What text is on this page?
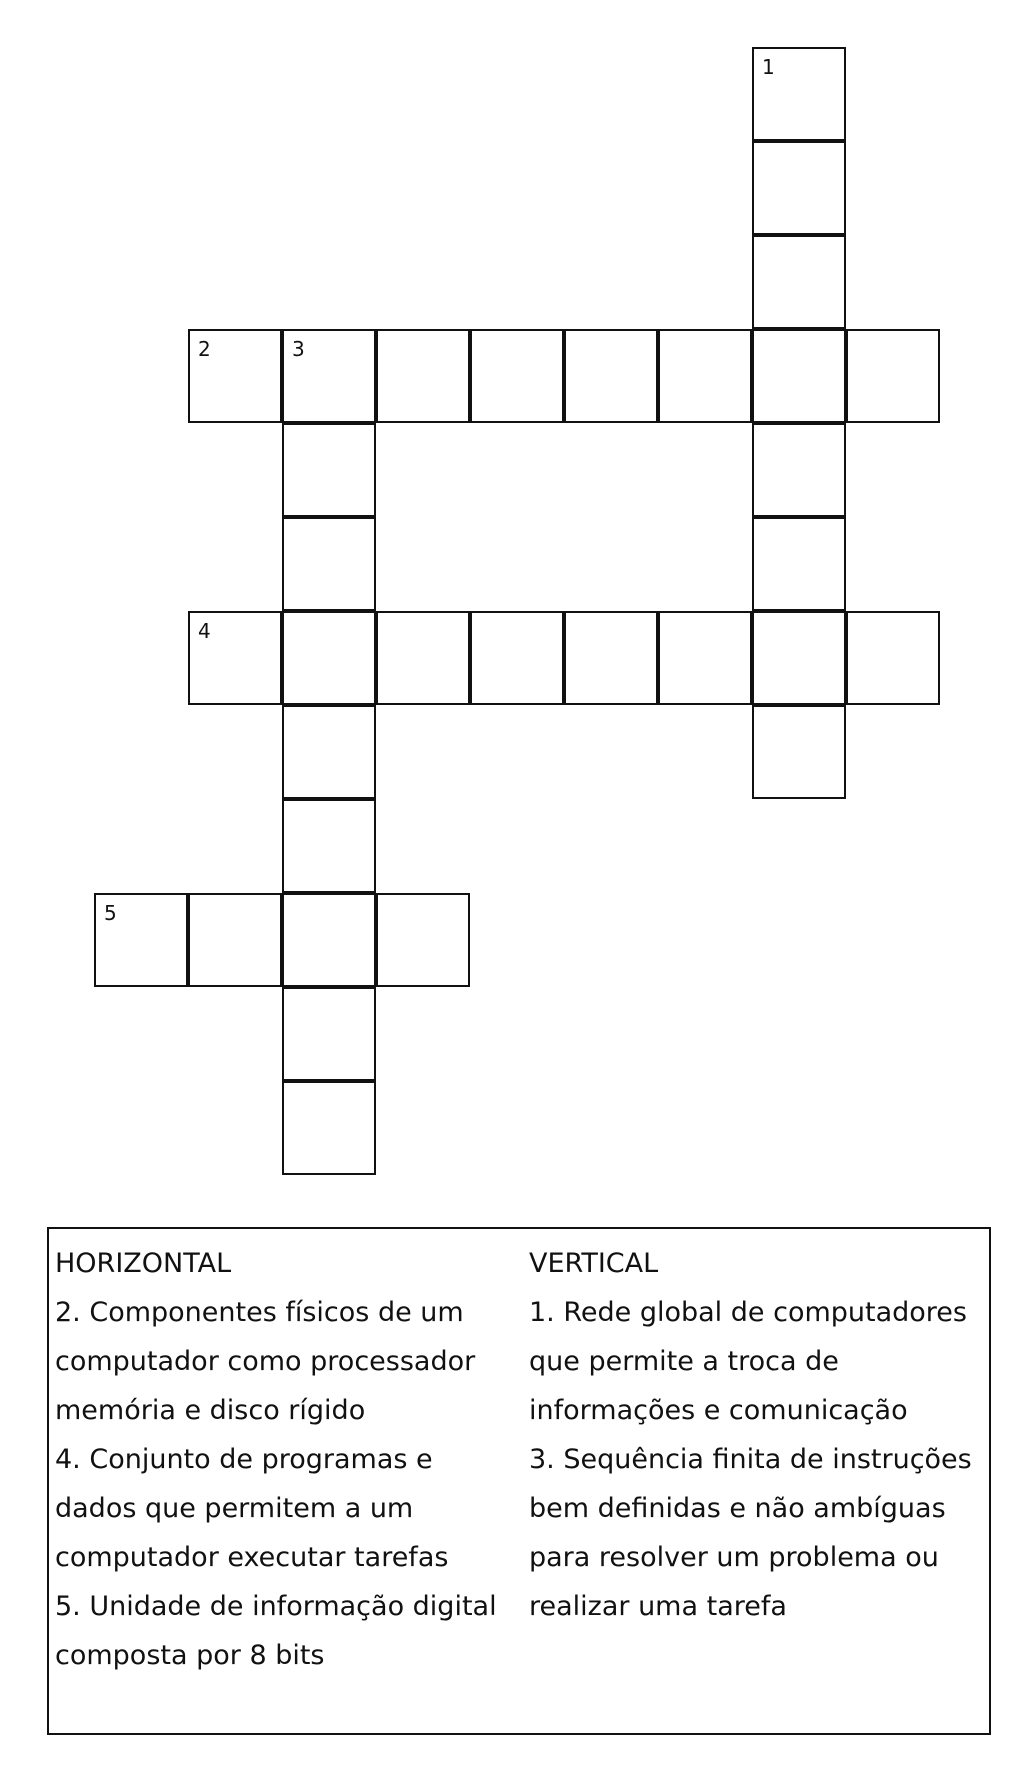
1
2	3
4
5
HORIZONTAL
2. Componentes físicos de um
computador como processador
memória e disco rígido
4. Conjunto de programas e
dados que permitem a um
computador executar tarefas
5. Unidade de informação digital
composta por 8 bits
VERTICAL
1. Rede global de computadores
que permite a troca de
informações e comunicação
3. Sequência finita de instruções
bem definidas e não ambíguas
para resolver um problema ou
realizar uma tarefa
